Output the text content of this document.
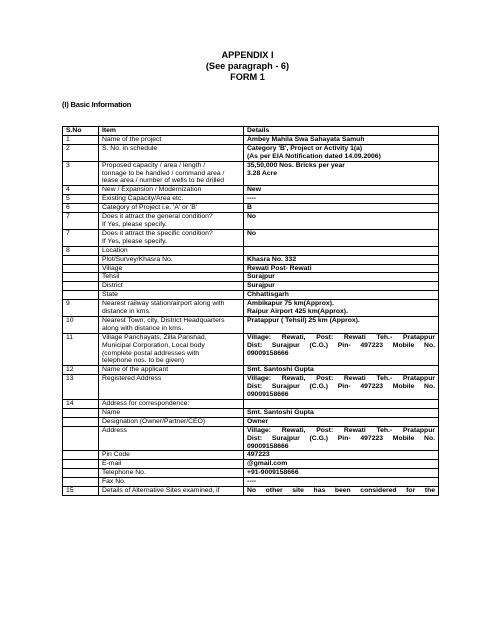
APPENDIX I
(See paragraph - 6)
FORM 1
(I) Basic Information
S.No	Item	Details
1	Name of the project	Ambey Mahila Swa Sahayata Samuh

2	S. No. in schedule	Category 'B', Project or Activity 1(a)
(As per EIA Notification dated 14.09.2006)

3	Proposed capacity / area / length /
tonnage to be handled / command area /
lease area / number of wells to be drilled	35,50,000 Nos. Bricks per year
3.28 Acre

4	New / Expansion / Modernization	New

5	Existing Capacity/Area etc.	----

6	Category of Project i.e. 'A' or 'B'	B

7	Does it attract the general condition?
If Yes, please specify.	No

7	Does it attract the specific condition?
If Yes, please specify.	No

8	Location	

	Plot/Survey/Khasra No.	Khasra No. 332

	Village	Rewati Post- Rewati

	Tehsil	Surajpur

	District	Surajpur

	State	Chhattisgarh

9	Nearest railway station/airport along with
distance in kms.	Ambikapur 75 km(Approx).
Raipur Airport 425 km(Approx).

10	Nearest Town, city, District Headquarters
along with distance in kms.	Pratappur ( Tehsil) 25 km (Approx).

11	Village Panchayats, Zilla Parishad,
Municipal Corporation, Local body
(complete postal addresses with
telephone nos. to be given)	Village: Rewati, Post: Rewati Teh.- Pratappur
Dist: Surajpur (C.G.) Pin- 497223 Mobile No.
09009158666

12	Name of the applicant	Smt. Santoshi Gupta

13	Registered Address	Village: Rewati, Post: Rewati Teh.- Pratappur
Dist: Surajpur (C.G.) Pin- 497223 Mobile No.
09009158666

14	Address for correspondence:	

	Name	Smt. Santoshi Gupta

	Designation (Owner/Partner/CEO)	Owner

	Address	Village: Rewati, Post: Rewati Teh.- Pratappur
Dist: Surajpur (C.G.) Pin- 497223 Mobile No.
09009158666

	Pin Code	497223

	E-mail	@gmail.com

	Telephone No.	+91-9009158666

	Fax No.	----

15	Details of Alternative Sites examined, if	No other site has been considered for the
